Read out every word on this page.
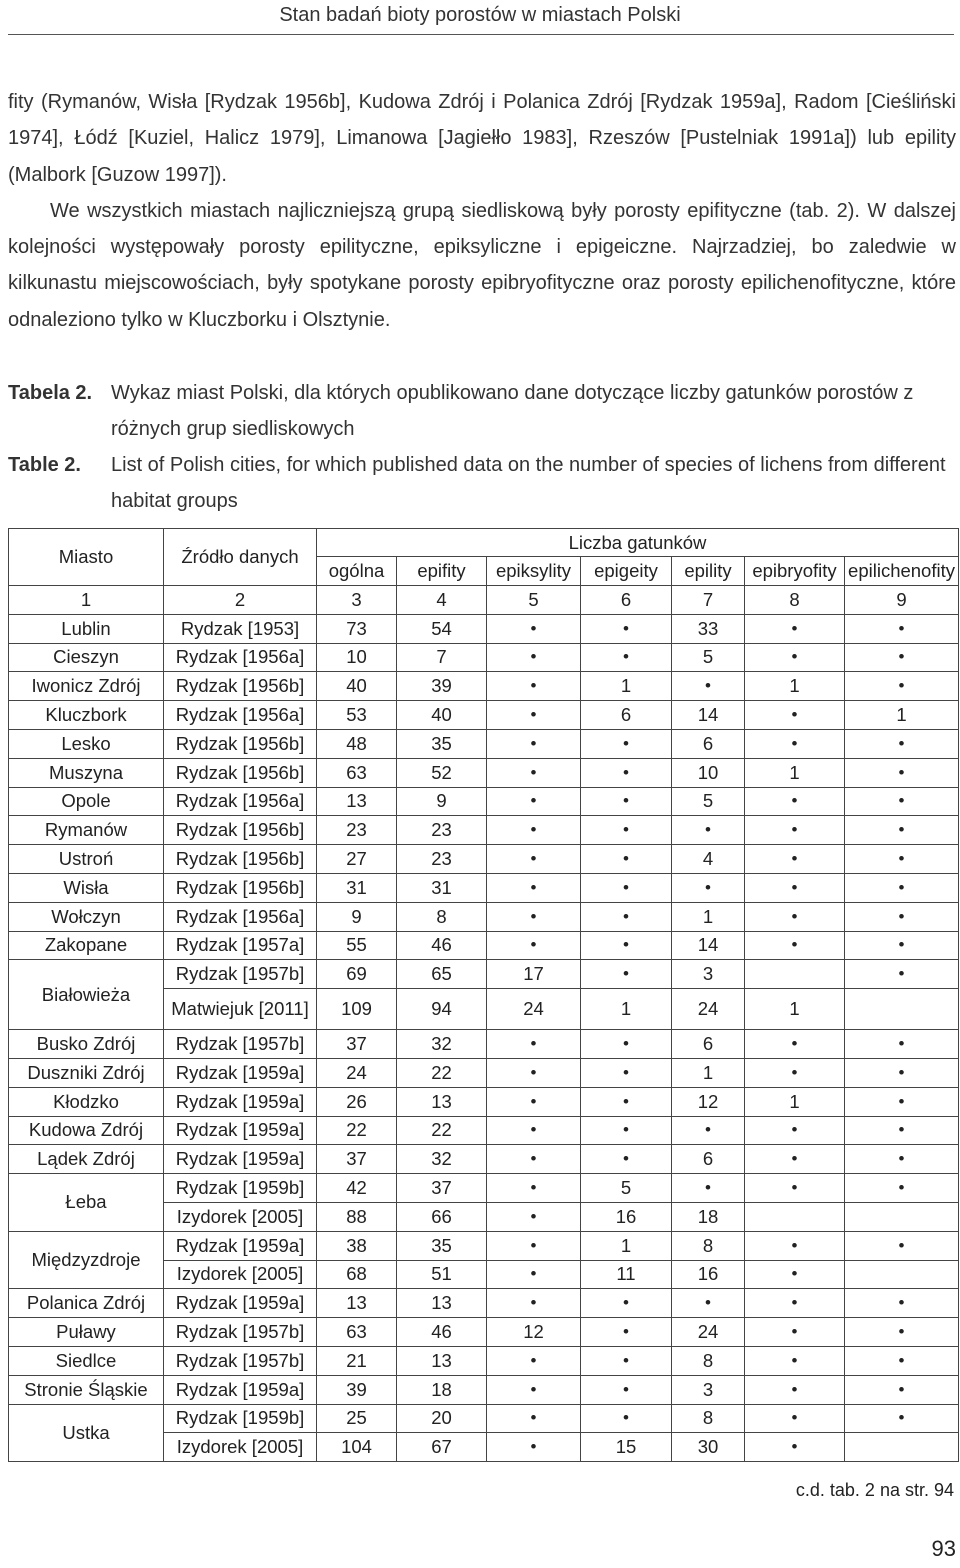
Stan badań bioty porostów w miastach Polski

fity (Rymanów, Wisła [Rydzak 1956b], Kudowa Zdrój i Polanica Zdrój [Rydzak 1959a], Radom [Cieśliński 1974], Łódź [Kuziel, Halicz 1979], Limanowa [Jagiełło 1983], Rzeszów [Pustelniak 1991a]) lub epility (Malbork [Guzow 1997]).

We wszystkich miastach najliczniejszą grupą siedliskową były porosty epifityczne (tab. 2). W dalszej kolejności występowały porosty epilityczne, epiksyliczne i epigeiczne. Najrzadziej, bo zaledwie w kilkunastu miejscowościach, były spotykane porosty epibryofityczne oraz porosty epilichenofityczne, które odnaleziono tylko w Kluczborku i Olsztynie.

Tabela 2. Wykaz miast Polski, dla których opublikowano dane dotyczące liczby gatunków porostów z różnych grup siedliskowych
Table 2. List of Polish cities, for which published data on the number of species of lichens from different habitat groups
Miasto	Źródło danych	Liczba gatunków						
		ogólna	epifity	epiksylity	epigeity	epility	epibryofity	epilichenofity
1	2	3	4	5	6	7	8	9
Lublin	Rydzak [1953]	73	54	•	•	33	•	•
Cieszyn	Rydzak [1956a]	10	7	•	•	5	•	•
Iwonicz Zdrój	Rydzak [1956b]	40	39	•	1	•	1	•
Kluczbork	Rydzak [1956a]	53	40	•	6	14	•	1
Lesko	Rydzak [1956b]	48	35	•	•	6	•	•
Muszyna	Rydzak [1956b]	63	52	•	•	10	1	•
Opole	Rydzak [1956a]	13	9	•	•	5	•	•
Rymanów	Rydzak [1956b]	23	23	•	•	•	•	•
Ustroń	Rydzak [1956b]	27	23	•	•	4	•	•
Wisła	Rydzak [1956b]	31	31	•	•	•	•	•
Wołczyn	Rydzak [1956a]	9	8	•	•	1	•	•
Zakopane	Rydzak [1957a]	55	46	•	•	14	•	•
Białowieża	Rydzak [1957b]	69	65	17	•	3		•
	Matwiejuk [2011]	109	94	24	1	24	1	
Busko Zdrój	Rydzak [1957b]	37	32	•	•	6	•	•
Duszniki Zdrój	Rydzak [1959a]	24	22	•	•	1	•	•
Kłodzko	Rydzak [1959a]	26	13	•	•	12	1	•
Kudowa Zdrój	Rydzak [1959a]	22	22	•	•	•	•	•
Lądek Zdrój	Rydzak [1959a]	37	32	•	•	6	•	•
Łeba	Rydzak [1959b]	42	37	•	5	•	•	•
	Izydorek [2005]	88	66	•	16	18		
Międzyzdroje	Rydzak [1959a]	38	35	•	1	8	•	•
	Izydorek [2005]	68	51	•	11	16	•	
Polanica Zdrój	Rydzak [1959a]	13	13	•	•	•	•	•
Puławy	Rydzak [1957b]	63	46	12	•	24	•	•
Siedlce	Rydzak [1957b]	21	13	•	•	8	•	•
Stronie Śląskie	Rydzak [1959a]	39	18	•	•	3	•	•
Ustka	Rydzak [1959b]	25	20	•	•	8	•	•
	Izydorek [2005]	104	67	•	15	30	•	
c.d. tab. 2 na str. 94
93
